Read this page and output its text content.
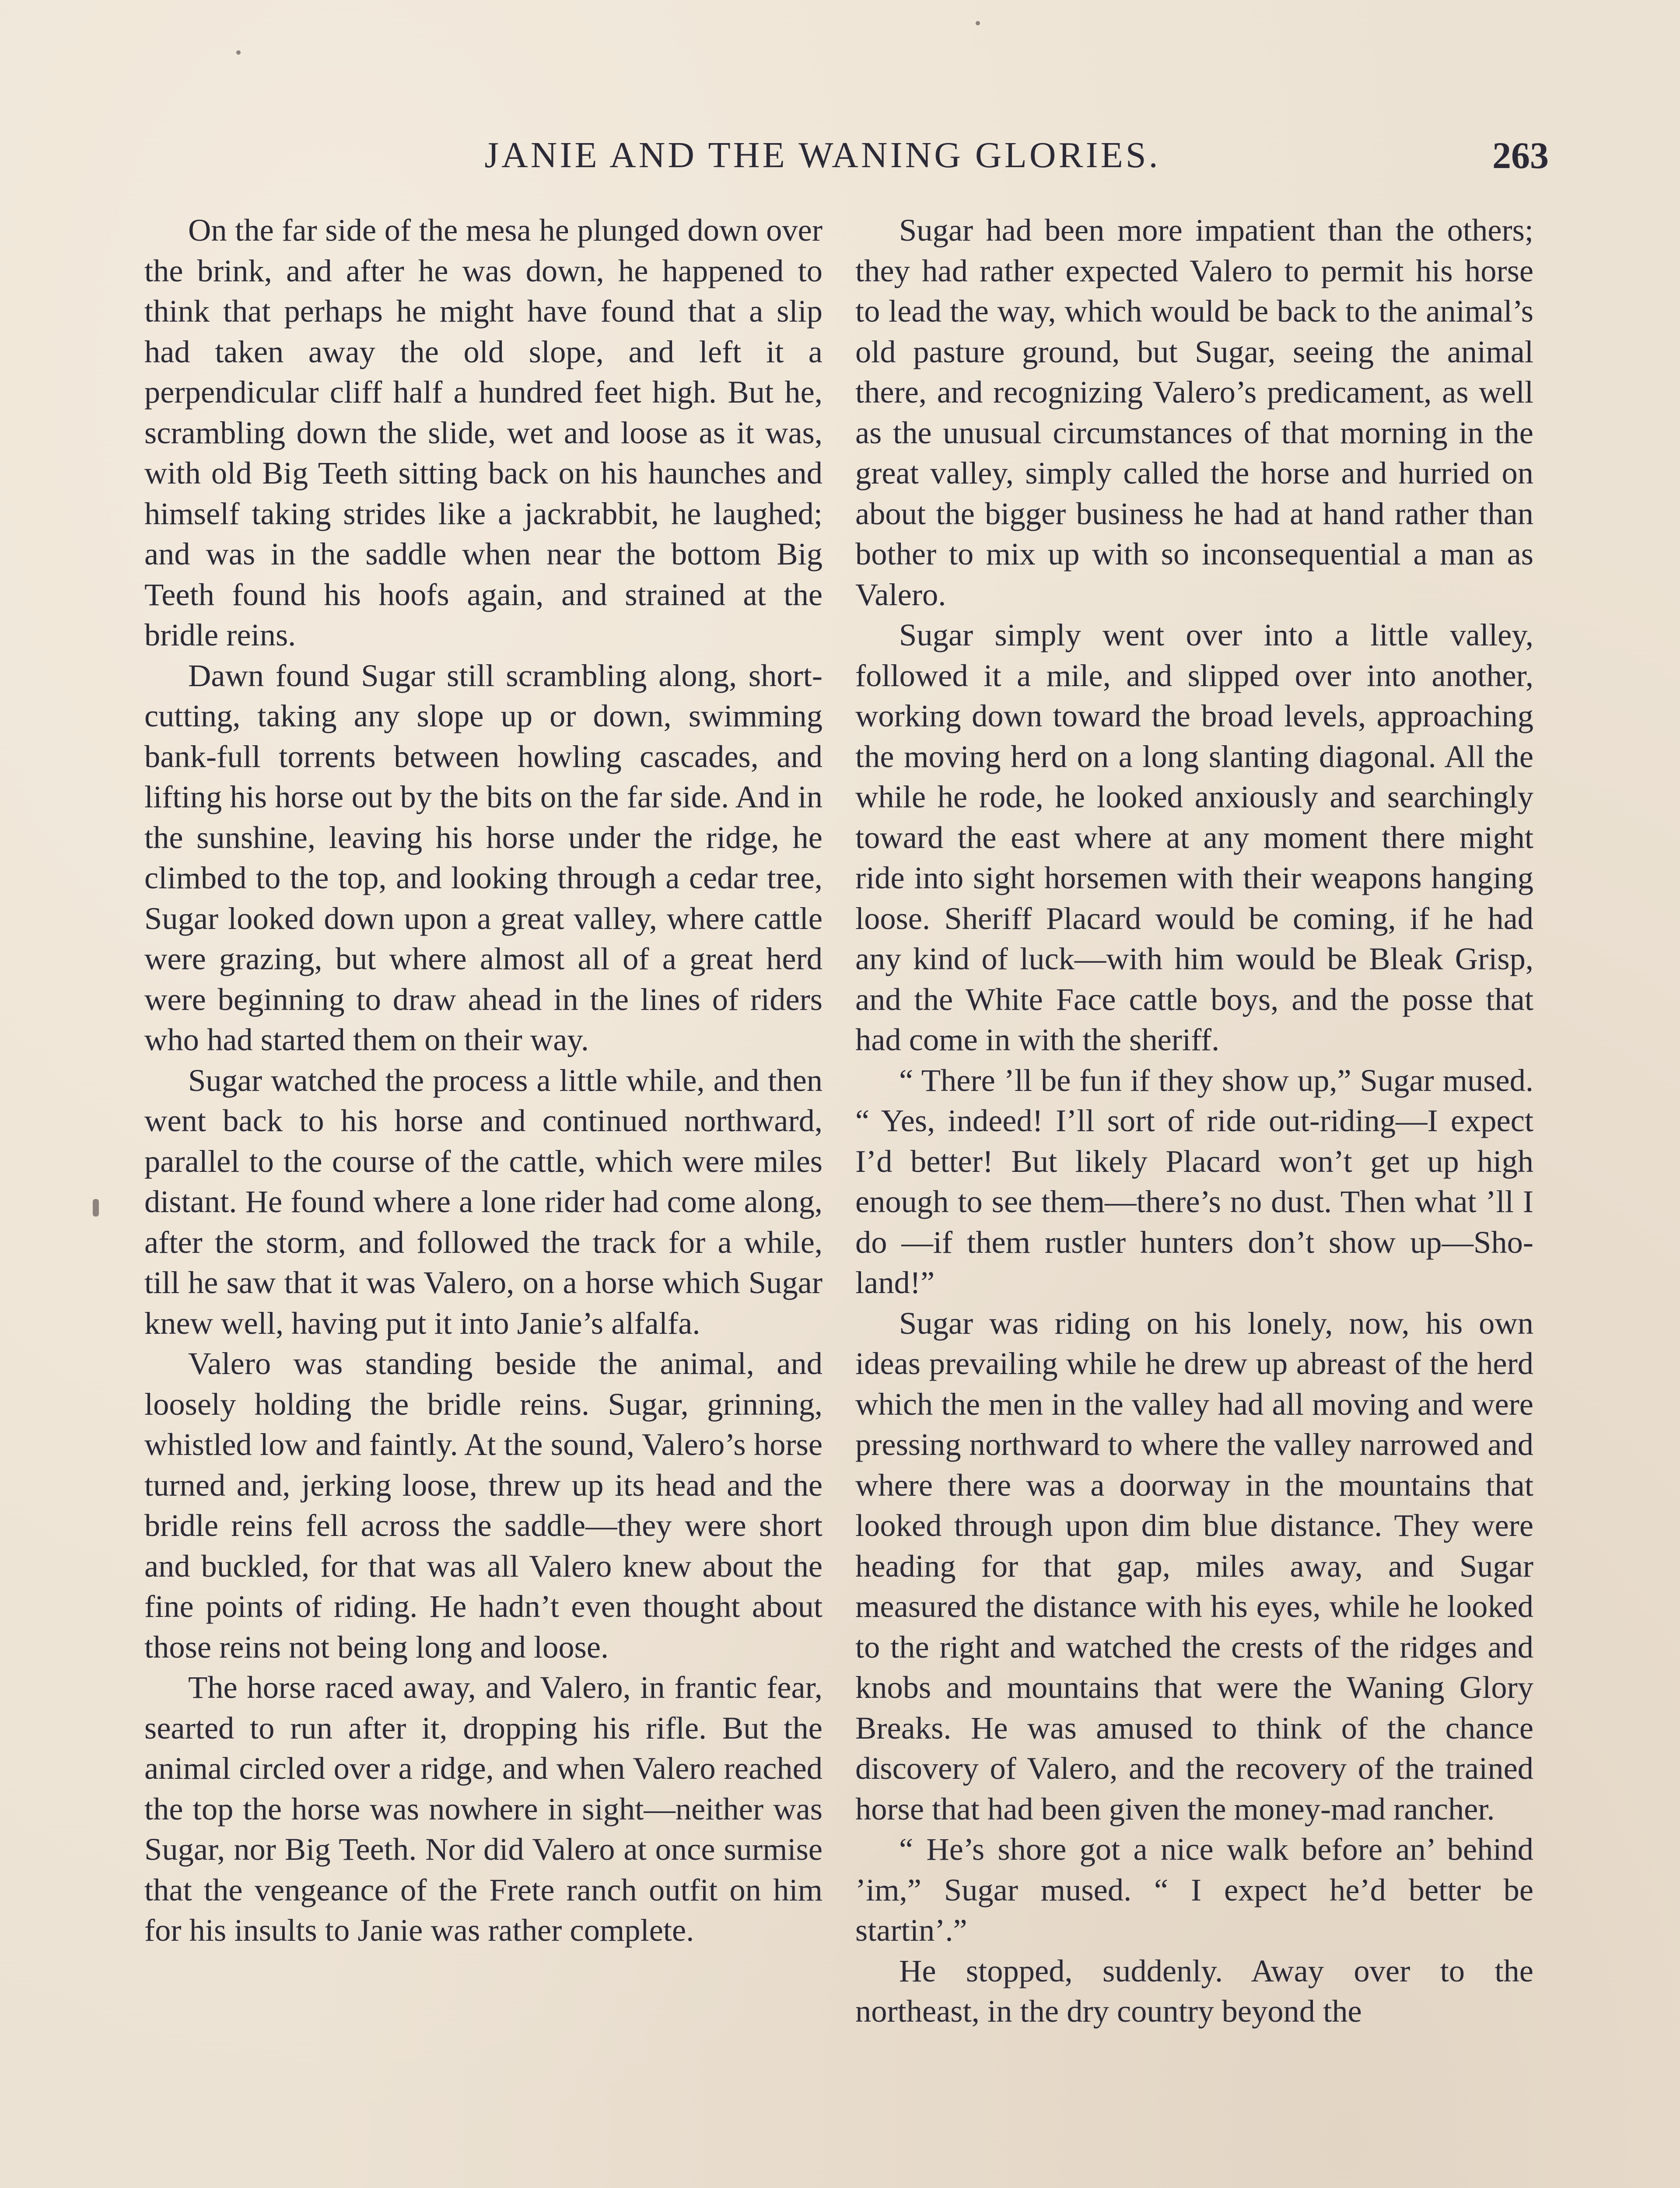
JANIE AND THE WANING GLORIES.	263

On the far side of the mesa he plunged down over the brink, and after he was down, he happened to think that perhaps he might have found that a slip had taken away the old slope, and left it a perpendicular cliff half a hundred feet high. But he, scrambling down the slide, wet and loose as it was, with old Big Teeth sitting back on his haunches and himself taking strides like a jackrabbit, he laughed; and was in the saddle when near the bottom Big Teeth found his hoofs again, and strained at the bridle reins.

Dawn found Sugar still scrambling along, short-cutting, taking any slope up or down, swimming bank-full torrents between howling cascades, and lifting his horse out by the bits on the far side. And in the sunshine, leaving his horse under the ridge, he climbed to the top, and looking through a cedar tree, Sugar looked down upon a great valley, where cattle were grazing, but where almost all of a great herd were beginning to draw ahead in the lines of riders who had started them on their way.

Sugar watched the process a little while, and then went back to his horse and continued northward, parallel to the course of the cattle, which were miles distant. He found where a lone rider had come along, after the storm, and followed the track for a while, till he saw that it was Valero, on a horse which Sugar knew well, having put it into Janie’s alfalfa.

Valero was standing beside the animal, and loosely holding the bridle reins. Sugar, grinning, whistled low and faintly. At the sound, Valero’s horse turned and, jerking loose, threw up its head and the bridle reins fell across the saddle—they were short and buckled, for that was all Valero knew about the fine points of riding. He hadn’t even thought about those reins not being long and loose.

The horse raced away, and Valero, in frantic fear, searted to run after it, dropping his rifle. But the animal circled over a ridge, and when Valero reached the top the horse was nowhere in sight—neither was Sugar, nor Big Teeth. Nor did Valero at once surmise that the vengeance of the Frete ranch outfit on him for his insults to Janie was rather complete.

Sugar had been more impatient than the others; they had rather expected Valero to permit his horse to lead the way, which would be back to the animal’s old pasture ground, but Sugar, seeing the animal there, and recognizing Valero’s predicament, as well as the unusual circumstances of that morning in the great valley, simply called the horse and hurried on about the bigger business he had at hand rather than bother to mix up with so inconsequential a man as Valero.

Sugar simply went over into a little valley, followed it a mile, and slipped over into another, working down toward the broad levels, approaching the moving herd on a long slanting diagonal. All the while he rode, he looked anxiously and searchingly toward the east where at any moment there might ride into sight horsemen with their weapons hanging loose. Sheriff Placard would be coming, if he had any kind of luck—with him would be Bleak Grisp, and the White Face cattle boys, and the posse that had come in with the sheriff.

“ There ’ll be fun if they show up,” Sugar mused. “ Yes, indeed! I’ll sort of ride out-riding—I expect I’d better! But likely Placard won’t get up high enough to see them—there’s no dust. Then what ’ll I do —if them rustler hunters don’t show up—Sho-land!”

Sugar was riding on his lonely, now, his own ideas prevailing while he drew up abreast of the herd which the men in the valley had all moving and were pressing northward to where the valley narrowed and where there was a doorway in the mountains that looked through upon dim blue distance. They were heading for that gap, miles away, and Sugar measured the distance with his eyes, while he looked to the right and watched the crests of the ridges and knobs and mountains that were the Waning Glory Breaks. He was amused to think of the chance discovery of Valero, and the recovery of the trained horse that had been given the money-mad rancher.

“ He’s shore got a nice walk before an’ behind ’im,” Sugar mused. “ I expect he’d better be startin’.”

He stopped, suddenly. Away over to the northeast, in the dry country beyond the
